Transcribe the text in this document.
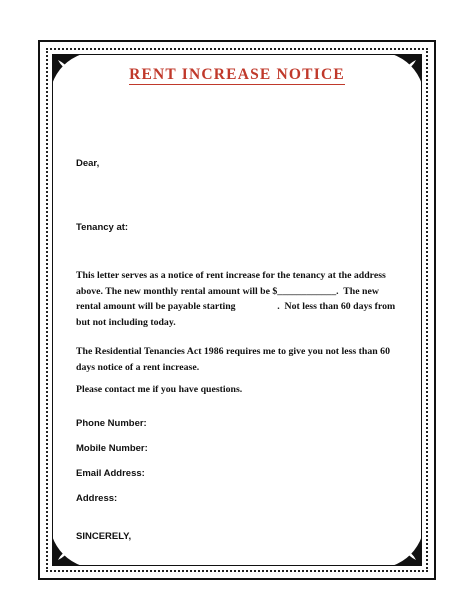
RENT INCREASE NOTICE

Dear,

Tenancy at:

This letter serves as a notice of rent increase for the tenancy at the address above. The new monthly rental amount will be $____________.  The new rental amount will be payable starting                 .  Not less than 60 days from but not including today.

The Residential Tenancies Act 1986 requires me to give you not less than 60 days notice of a rent increase.

Please contact me if you have questions.

Phone Number:

Mobile Number:

Email Address:

Address:

SINCERELY,
